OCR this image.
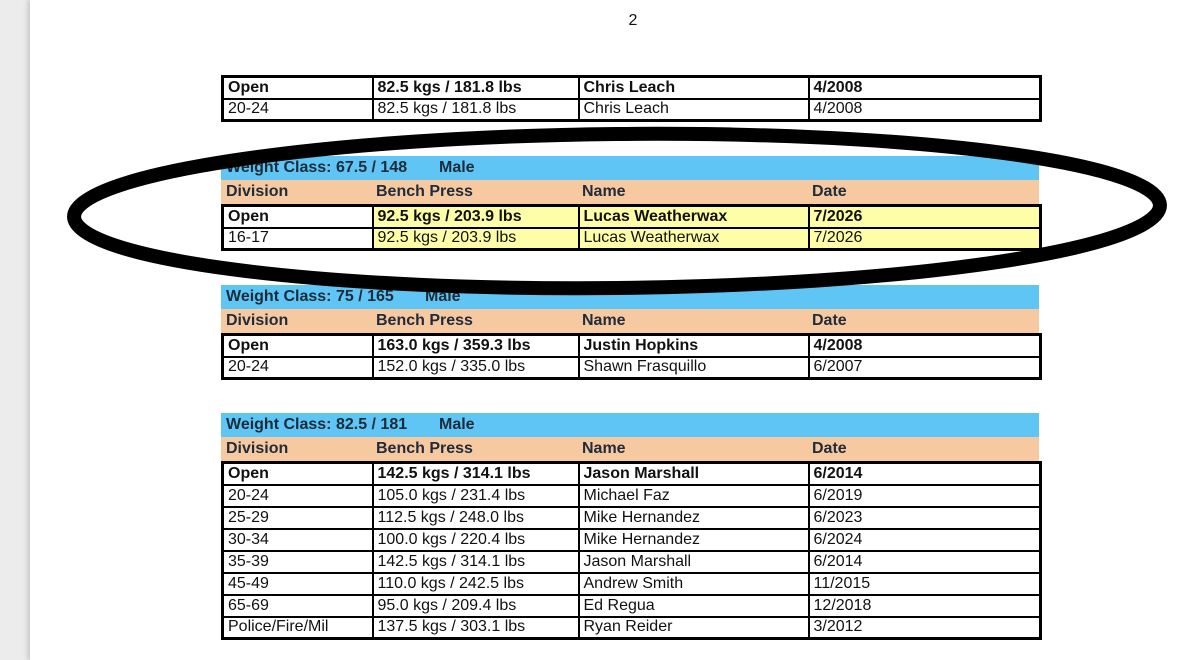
2
Open	82.5 kgs / 181.8 lbs	Chris Leach	4/2008
20-24	82.5 kgs / 181.8 lbs	Chris Leach	4/2008
Weight Class: 67.5 / 148	Male
Division	Bench Press	Name	Date
Open	92.5 kgs / 203.9 lbs	Lucas Weatherwax	7/2026
16-17	92.5 kgs / 203.9 lbs	Lucas Weatherwax	7/2026
Weight Class: 75 / 165	Male
Division	Bench Press	Name	Date
Open	163.0 kgs / 359.3 lbs	Justin Hopkins	4/2008
20-24	152.0 kgs / 335.0 lbs	Shawn Frasquillo	6/2007
Weight Class: 82.5 / 181	Male
Division	Bench Press	Name	Date
Open	142.5 kgs / 314.1 lbs	Jason Marshall	6/2014
20-24	105.0 kgs / 231.4 lbs	Michael Faz	6/2019
25-29	112.5 kgs / 248.0 lbs	Mike Hernandez	6/2023
30-34	100.0 kgs / 220.4 lbs	Mike Hernandez	6/2024
35-39	142.5 kgs / 314.1 lbs	Jason Marshall	6/2014
45-49	110.0 kgs / 242.5 lbs	Andrew Smith	11/2015
65-69	95.0 kgs / 209.4 lbs	Ed Regua	12/2018
Police/Fire/Mil	137.5 kgs / 303.1 lbs	Ryan Reider	3/2012
